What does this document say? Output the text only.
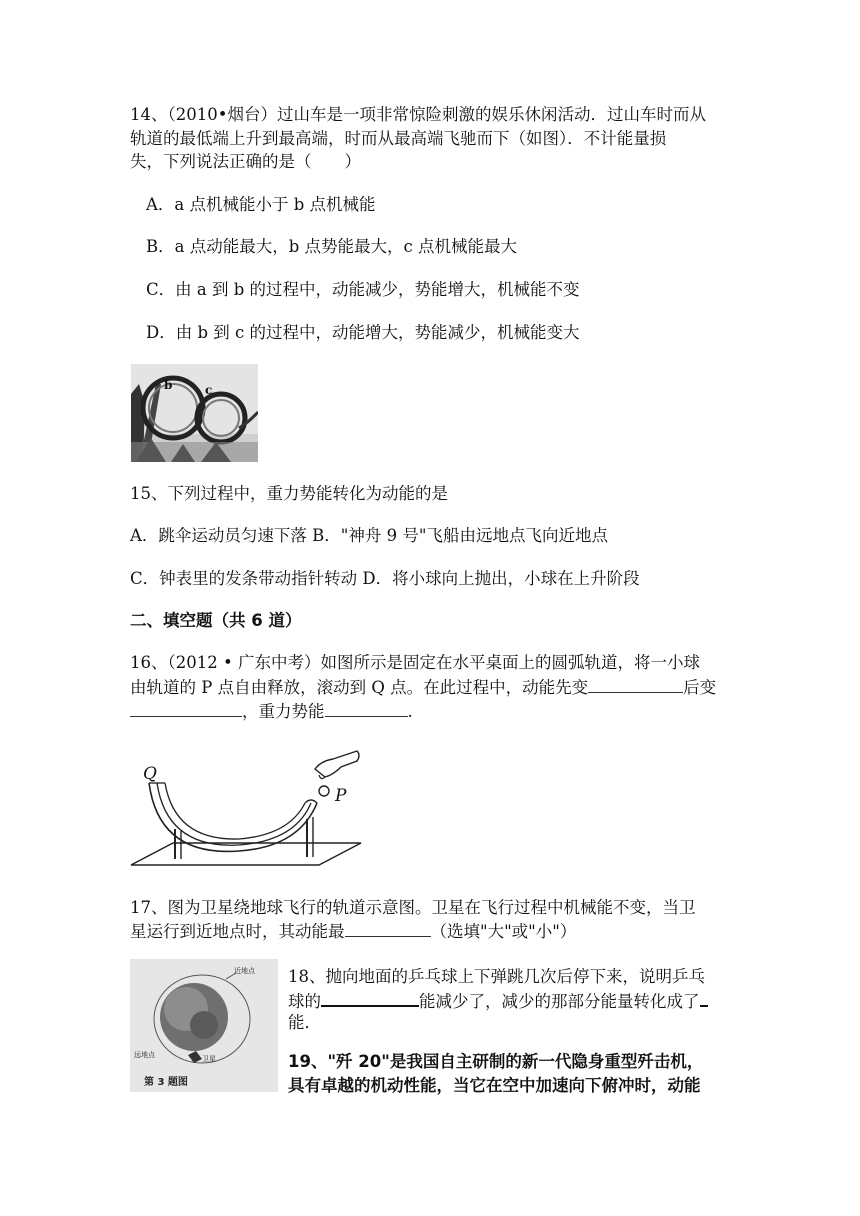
14、（2010•烟台）过山车是一项非常惊险刺激的娱乐休闲活动．过山车时而从
轨道的最低端上升到最高端，时而从最高端飞驰而下（如图）．不计能量损
失，下列说法正确的是（　　）
A．a 点机械能小于 b 点机械能
B．a 点动能最大，b 点势能最大，c 点机械能最大
C．由 a 到 b 的过程中，动能减少，势能增大，机械能不变
D．由 b 到 c 的过程中，动能增大，势能减少，机械能变大
b	c
15、下列过程中，重力势能转化为动能的是
A．跳伞运动员匀速下落 B．"神舟 9 号"飞船由远地点飞向近地点
C．钟表里的发条带动指针转动 D．将小球向上抛出，小球在上升阶段
二、填空题（共 6 道）
16、（2012 • 广东中考）如图所示是固定在水平桌面上的圆弧轨道，将一小球
由轨道的 P 点自由释放，滚动到 Q 点。在此过程中，动能先变	后变
，重力势能	.
Q
P
17、图为卫星绕地球飞行的轨道示意图。卫星在飞行过程中机械能不变，当卫
星运行到近地点时，其动能最	（选填"大"或"小"）
近地点
远地点	卫星
第 3 题图
18、抛向地面的乒乓球上下弹跳几次后停下来，说明乒乓
球的	能减少了，减少的那部分能量转化成了
能．
19、"歼 20"是我国自主研制的新一代隐身重型歼击机，
具有卓越的机动性能，当它在空中加速向下俯冲时，动能
